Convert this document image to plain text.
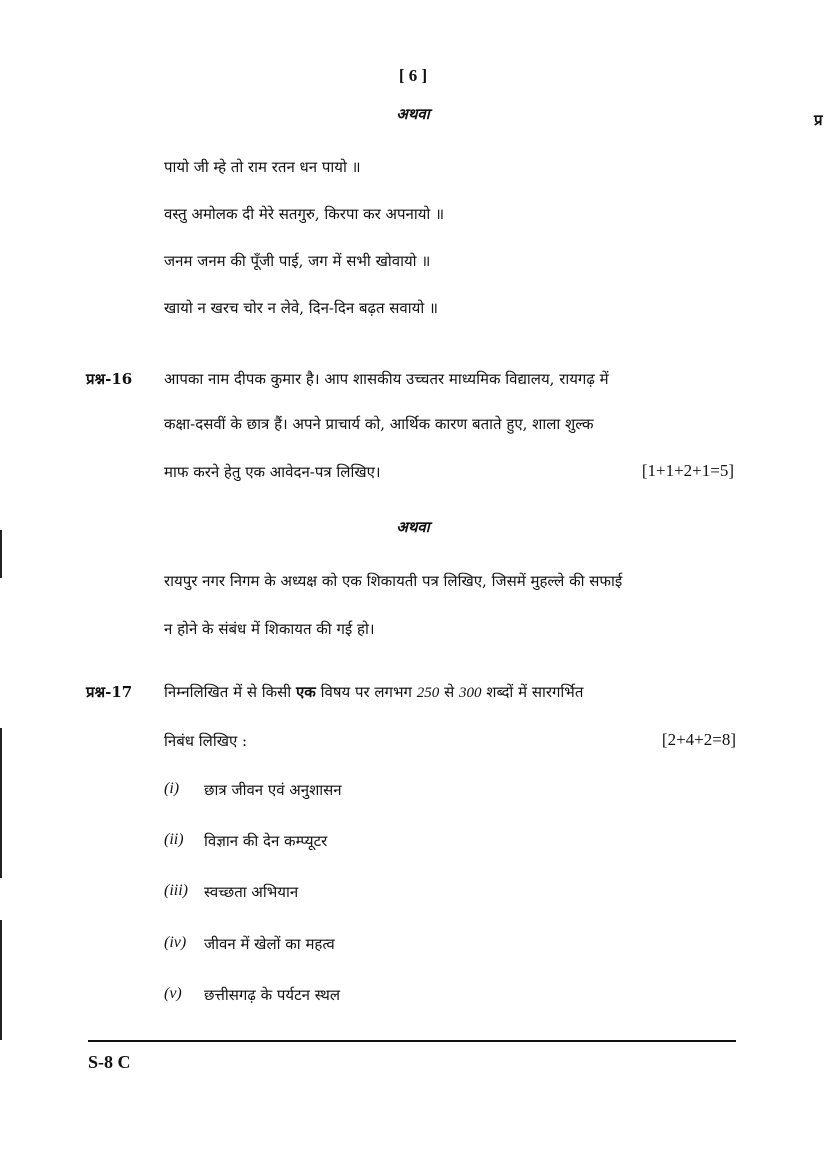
[ 6 ]
प्र
अथवा
पायो जी म्हे तो राम रतन धन पायो ॥
वस्तु अमोलक दी मेरे सतगुरु, किरपा कर अपनायो ॥
जनम जनम की पूँजी पाई, जग में सभी खोवायो ॥
खायो न खरच चोर न लेवे, दिन-दिन बढ़त सवायो ॥
प्रश्न-16 आपका नाम दीपक कुमार है। आप शासकीय उच्चतर माध्यमिक विद्यालय, रायगढ़ में
कक्षा-दसवीं के छात्र हैं। अपने प्राचार्य को, आर्थिक कारण बताते हुए, शाला शुल्क
माफ करने हेतु एक आवेदन-पत्र लिखिए।	[1+1+2+1=5]
अथवा
रायपुर नगर निगम के अध्यक्ष को एक शिकायती पत्र लिखिए, जिसमें मुहल्ले की सफाई
न होने के संबंध में शिकायत की गई हो।
प्रश्न-17 निम्नलिखित में से किसी एक विषय पर लगभग 250 से 300 शब्दों में सारगर्भित
निबंध लिखिए :	[2+4+2=8]
(i) छात्र जीवन एवं अनुशासन
(ii) विज्ञान की देन कम्प्यूटर
(iii) स्वच्छता अभियान
(iv) जीवन में खेलों का महत्व
(v) छत्तीसगढ़ के पर्यटन स्थल
S-8 C
